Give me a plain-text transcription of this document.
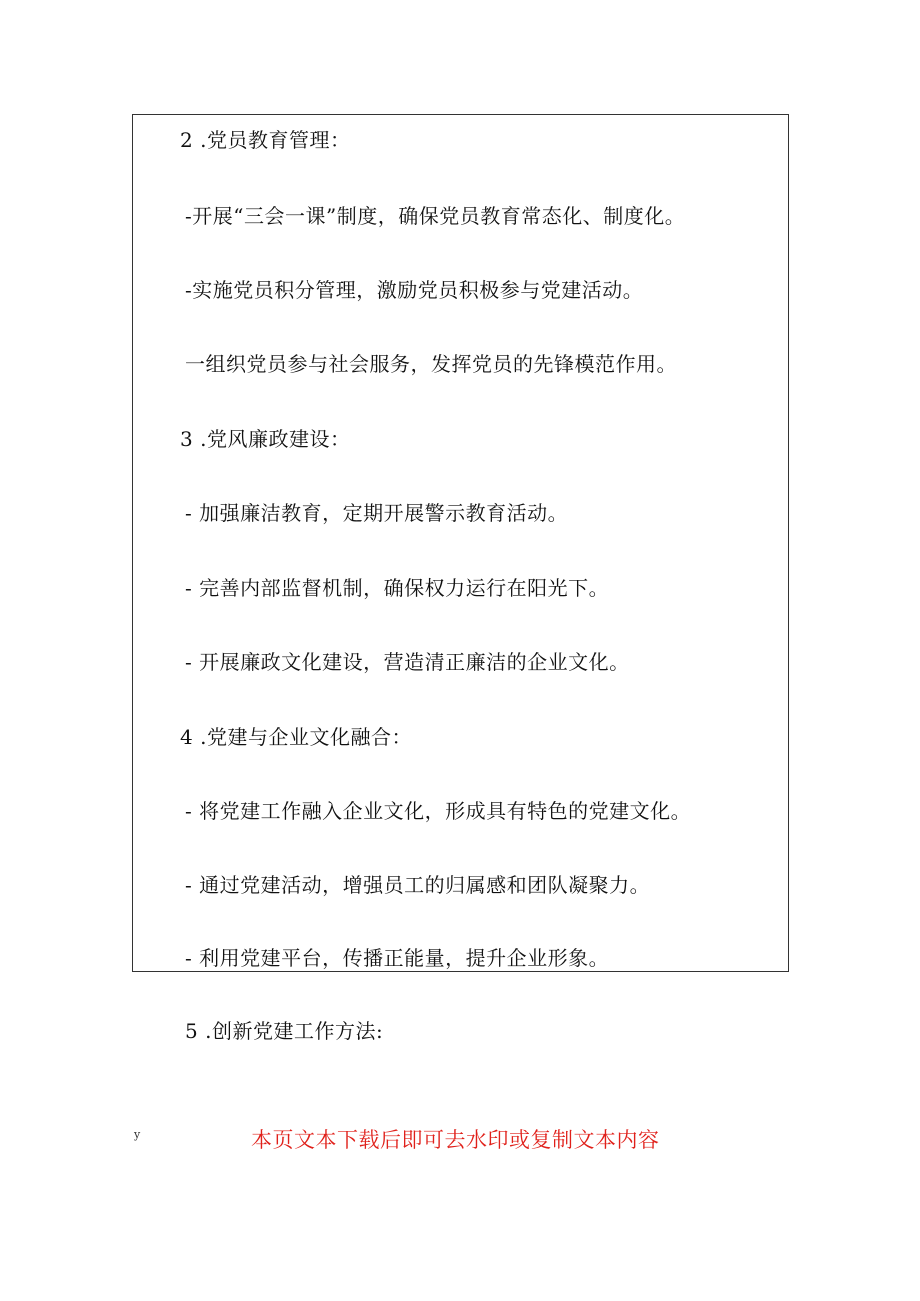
2 .党员教育管理：
-开展“三会一课”制度，确保党员教育常态化、制度化。
-实施党员积分管理，激励党员积极参与党建活动。
一组织党员参与社会服务，发挥党员的先锋模范作用。
3 .党风廉政建设：
- 加强廉洁教育，定期开展警示教育活动。
- 完善内部监督机制，确保权力运行在阳光下。
- 开展廉政文化建设，营造清正廉洁的企业文化。
4 .党建与企业文化融合：
- 将党建工作融入企业文化，形成具有特色的党建文化。
- 通过党建活动，增强员工的归属感和团队凝聚力。
- 利用党建平台，传播正能量，提升企业形象。
5 .创新党建工作方法:
y	本页文本下载后即可去水印或复制文本内容
